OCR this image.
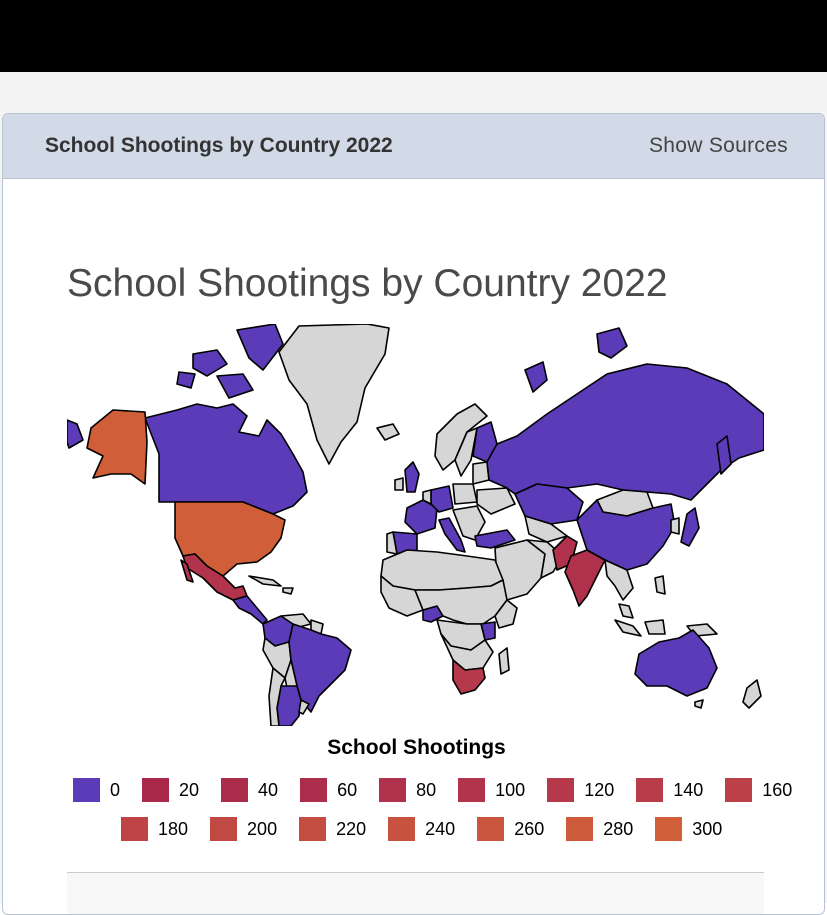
School Shootings by Country 2022	Show Sources
School Shootings by Country 2022
School Shootings
0	20	40	60	80	100	120	140	160
180	200	220	240	260	280	300
